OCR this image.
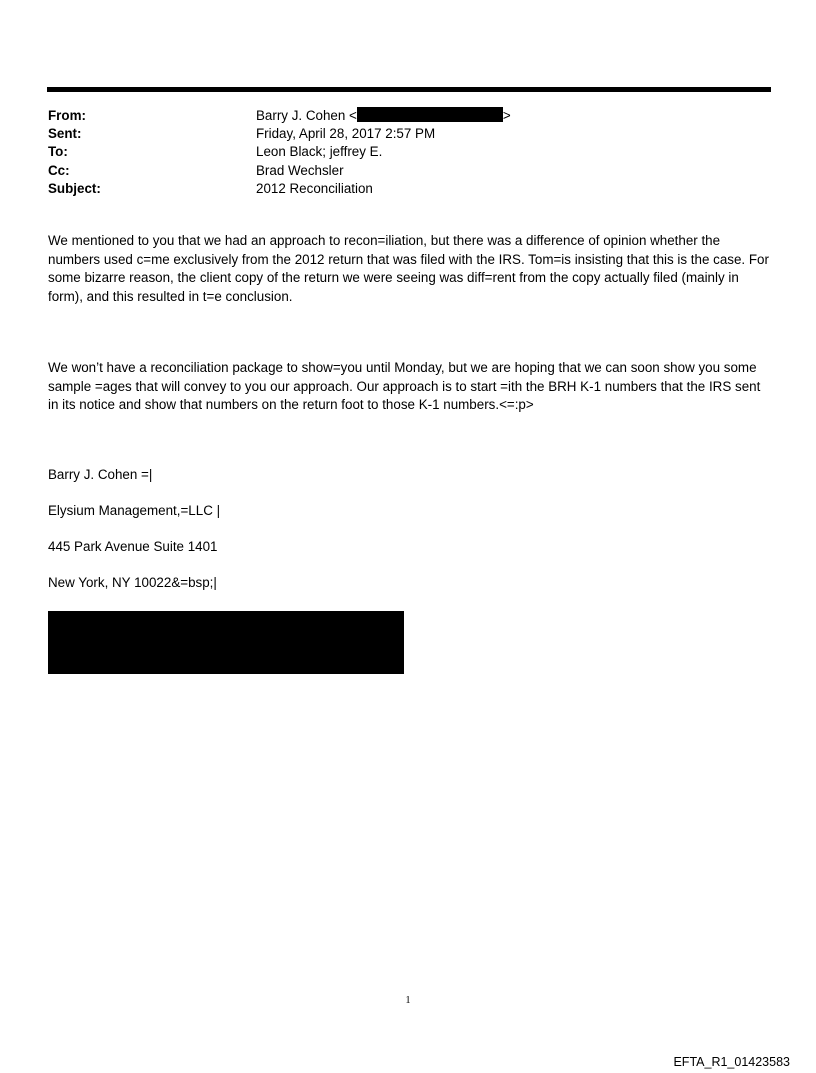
From:	Barry J. Cohen <	>
Sent:	Friday, April 28, 2017 2:57 PM
To:	Leon Black; jeffrey E.
Cc:	Brad Wechsler
Subject:	2012 Reconciliation

We mentioned to you that we had an approach to recon=iliation, but there was a difference of opinion whether the numbers used c=me exclusively from the 2012 return that was filed with the IRS. Tom=is insisting that this is the case. For some bizarre reason, the client copy of the return we were seeing was diff=rent from the copy actually filed (mainly in form), and this resulted in t=e conclusion.

We won’t have a reconciliation package to show=you until Monday, but we are hoping that we can soon show you some sample =ages that will convey to you our approach. Our approach is to start =ith the BRH K-1 numbers that the IRS sent in its notice and show that numbers on the return foot to those K-1 numbers.<=:p>

Barry J. Cohen =|
Elysium Management,=LLC |
445 Park Avenue Suite 1401
New York, NY 10022&=bsp;|
1
EFTA_R1_01423583
